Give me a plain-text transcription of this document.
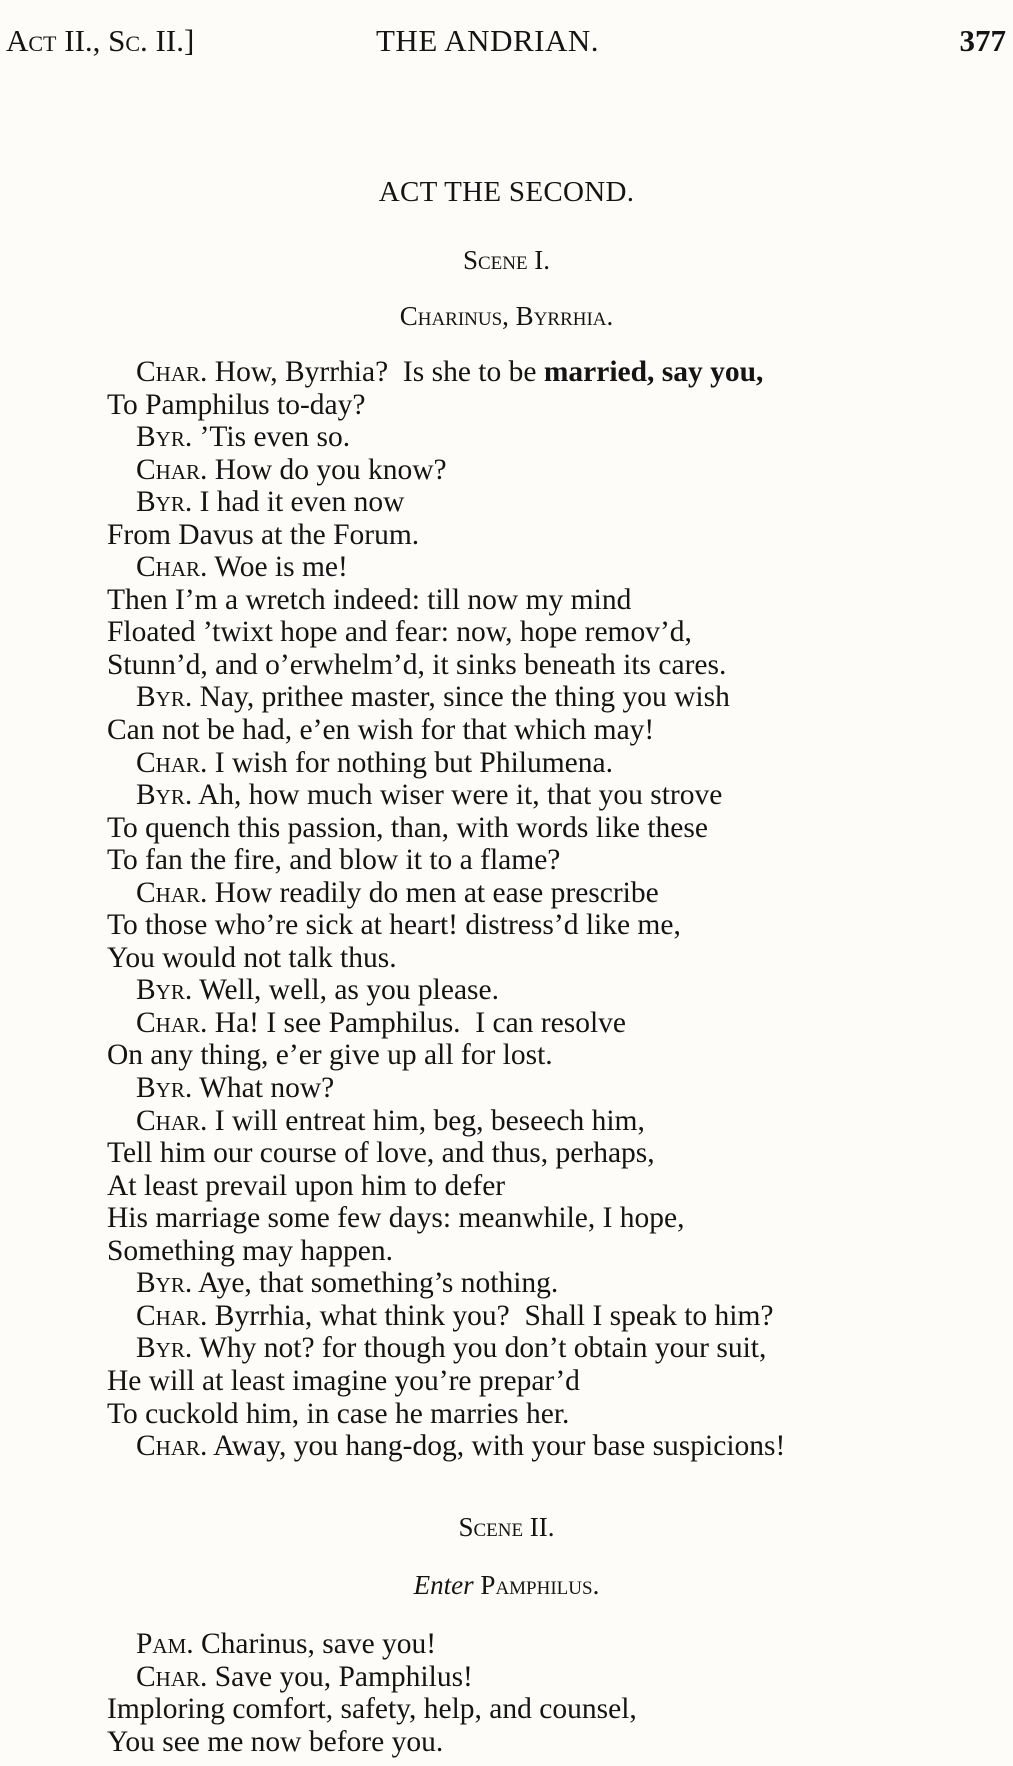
Act II., Sc. II.]	THE ANDRIAN.	377
ACT THE SECOND.
Scene I.
Charinus, Byrrhia.
Char. How, Byrrhia?  Is she to be married, say you,
To Pamphilus to-day?
Byr. ’Tis even so.
Char. How do you know?
Byr. I had it even now
From Davus at the Forum.
Char. Woe is me!
Then I’m a wretch indeed: till now my mind
Floated ’twixt hope and fear: now, hope remov’d,
Stunn’d, and o’erwhelm’d, it sinks beneath its cares.
Byr. Nay, prithee master, since the thing you wish
Can not be had, e’en wish for that which may!
Char. I wish for nothing but Philumena.
Byr. Ah, how much wiser were it, that you strove
To quench this passion, than, with words like these
To fan the fire, and blow it to a flame?
Char. How readily do men at ease prescribe
To those who’re sick at heart! distress’d like me,
You would not talk thus.
Byr. Well, well, as you please.
Char. Ha! I see Pamphilus.  I can resolve
On any thing, e’er give up all for lost.
Byr. What now?
Char. I will entreat him, beg, beseech him,
Tell him our course of love, and thus, perhaps,
At least prevail upon him to defer
His marriage some few days: meanwhile, I hope,
Something may happen.
Byr. Aye, that something’s nothing.
Char. Byrrhia, what think you?  Shall I speak to him?
Byr. Why not? for though you don’t obtain your suit,
He will at least imagine you’re prepar’d
To cuckold him, in case he marries her.
Char. Away, you hang-dog, with your base suspicions!
Scene II.
Enter Pamphilus.
Pam. Charinus, save you!
Char. Save you, Pamphilus!
Imploring comfort, safety, help, and counsel,
You see me now before you.
